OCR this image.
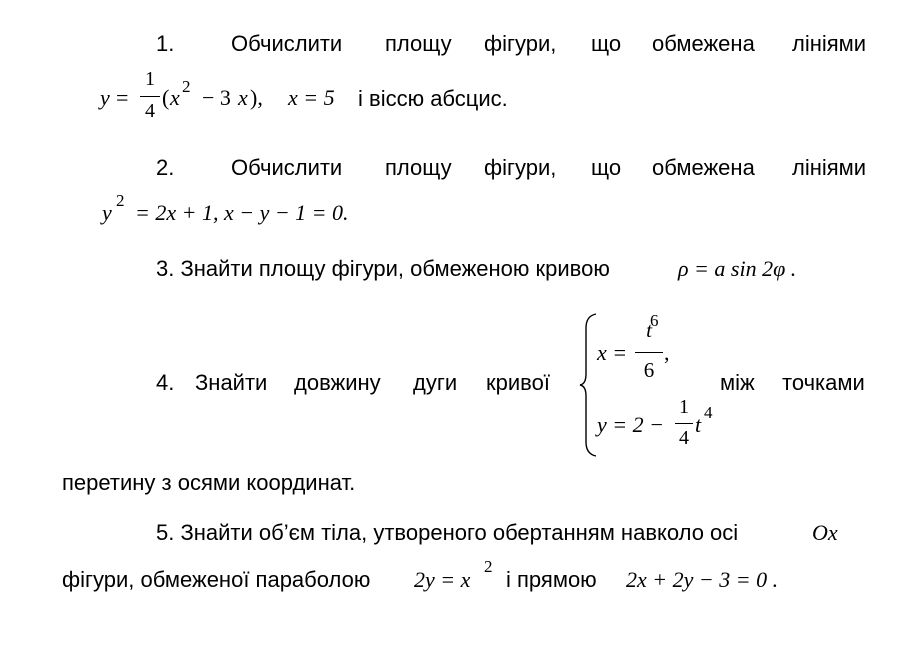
1.	Обчислити площу фігури, що обмежена лініями
y =
1
4
( x 2 − 3 x ), x = 5 і віссю абсцис.
2.	Обчислити площу фігури, що обмежена лініями
y 2 = 2x + 1, x − y − 1 = 0.
3. Знайти площу фігури, обмеженою кривою	ρ = a sin 2φ .
4. Знайти довжину дуги кривої
x =
t
6
6
,
y = 2 −
1
4
t 4
між точками
перетину з осями координат.
5. Знайти об’єм тіла, утвореного обертанням навколо осі	Ox
фігури, обмеженої параболою 2y = x
2
і прямою 2x + 2y − 3 = 0 .
